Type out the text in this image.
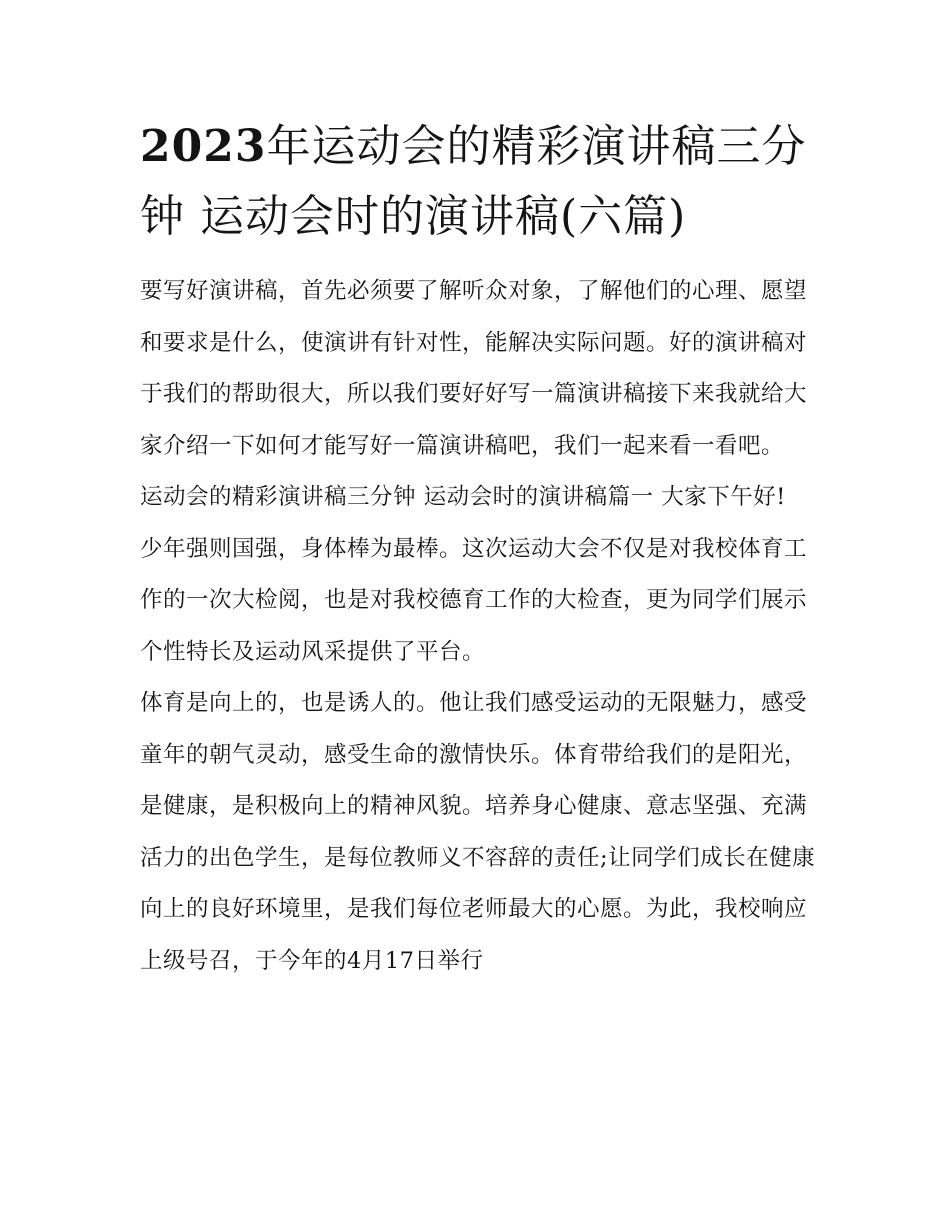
2023年运动会的精彩演讲稿三分钟 运动会时的演讲稿(六篇)

要写好演讲稿，首先必须要了解听众对象，了解他们的心理、愿望和要求是什么，使演讲有针对性，能解决实际问题。好的演讲稿对于我们的帮助很大，所以我们要好好写一篇演讲稿接下来我就给大家介绍一下如何才能写好一篇演讲稿吧，我们一起来看一看吧。

运动会的精彩演讲稿三分钟 运动会时的演讲稿篇一 大家下午好!

少年强则国强，身体棒为最棒。这次运动大会不仅是对我校体育工作的一次大检阅，也是对我校德育工作的大检查，更为同学们展示个性特长及运动风采提供了平台。

体育是向上的，也是诱人的。他让我们感受运动的无限魅力，感受童年的朝气灵动，感受生命的激情快乐。体育带给我们的是阳光，是健康，是积极向上的精神风貌。培养身心健康、意志坚强、充满活力的出色学生，是每位教师义不容辞的责任;让同学们成长在健康向上的良好环境里，是我们每位老师最大的心愿。为此，我校响应上级号召，于今年的4月17日举行
